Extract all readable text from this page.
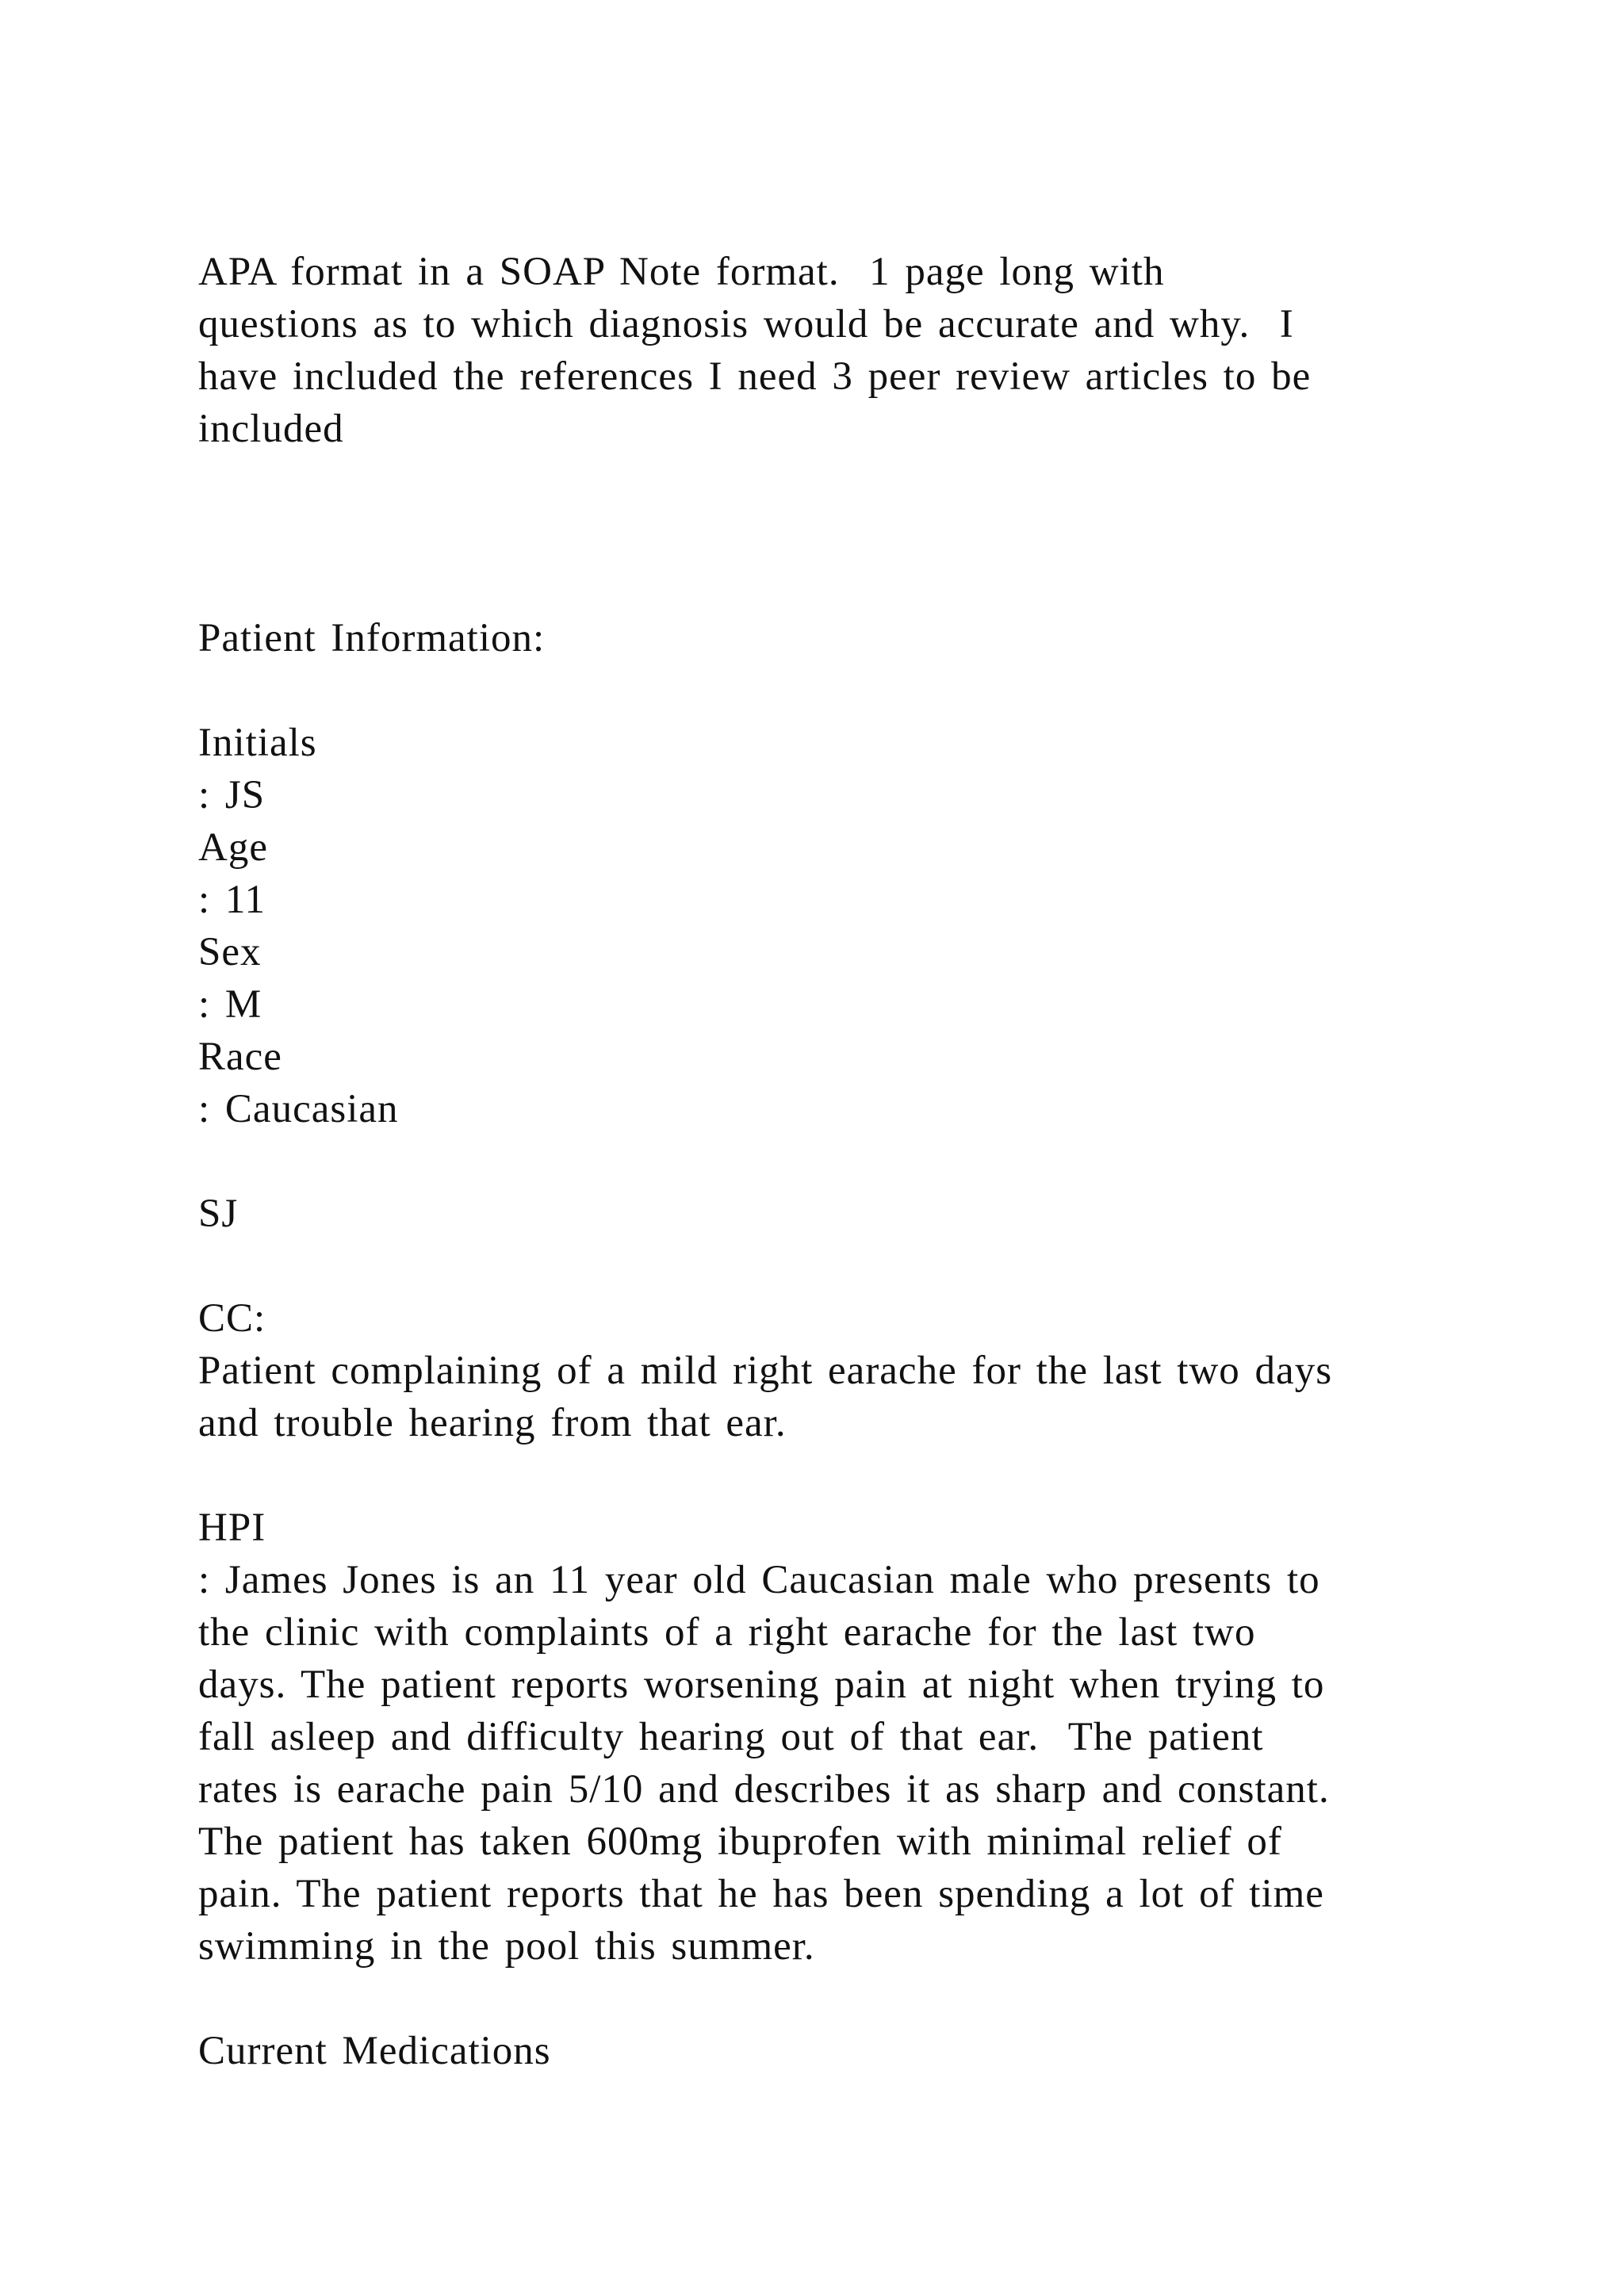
APA format in a SOAP Note format.  1 page long with
questions as to which diagnosis would be accurate and why.  I
have included the references I need 3 peer review articles to be
included
Patient Information:
Initials
: JS
Age
: 11
Sex
: M
Race
: Caucasian
SJ
CC:
Patient complaining of a mild right earache for the last two days
and trouble hearing from that ear.
HPI
: James Jones is an 11 year old Caucasian male who presents to
the clinic with complaints of a right earache for the last two
days. The patient reports worsening pain at night when trying to
fall asleep and difficulty hearing out of that ear.  The patient
rates is earache pain 5/10 and describes it as sharp and constant.
The patient has taken 600mg ibuprofen with minimal relief of
pain. The patient reports that he has been spending a lot of time
swimming in the pool this summer.
Current Medications
